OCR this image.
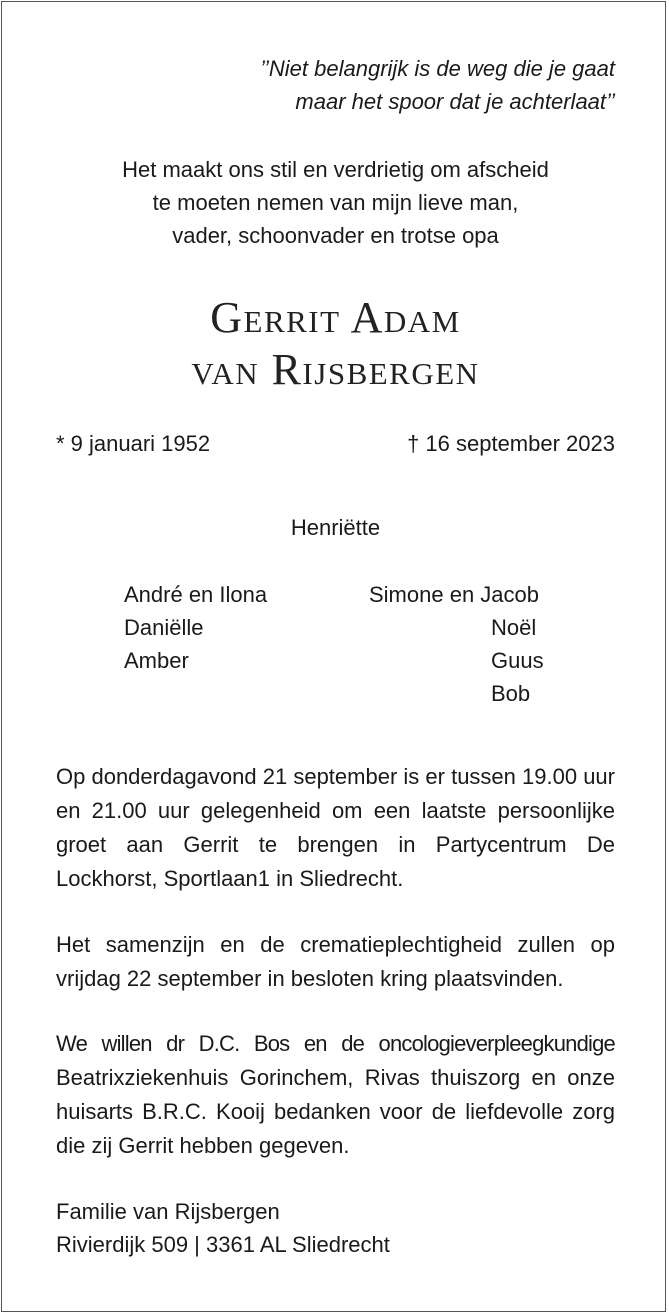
’’Niet belangrijk is de weg die je gaat
maar het spoor dat je achterlaat’’
Het maakt ons stil en verdrietig om afscheid
te moeten nemen van mijn lieve man,
vader, schoonvader en trotse opa
Gerrit Adam
van Rijsbergen
* 9 januari 1952	† 16 september 2023
Henriëtte
André en Ilona
Daniëlle
Amber
Simone en Jacob
Noël
Guus
Bob
Op donderdagavond 21 september is er tussen 19.00 uur en 21.00 uur gelegenheid om een laatste persoonlijke groet aan Gerrit te brengen in Partycentrum De Lockhorst, Sportlaan1 in Sliedrecht.
Het samenzijn en de crematieplechtigheid zullen op vrijdag 22 september in besloten kring plaatsvinden.
We willen dr D.C. Bos en de oncologieverpleegkundige Beatrixziekenhuis Gorinchem, Rivas thuiszorg en onze huisarts B.R.C. Kooij bedanken voor de liefdevolle zorg die zij Gerrit hebben gegeven.
Familie van Rijsbergen
Rivierdijk 509 | 3361 AL Sliedrecht
